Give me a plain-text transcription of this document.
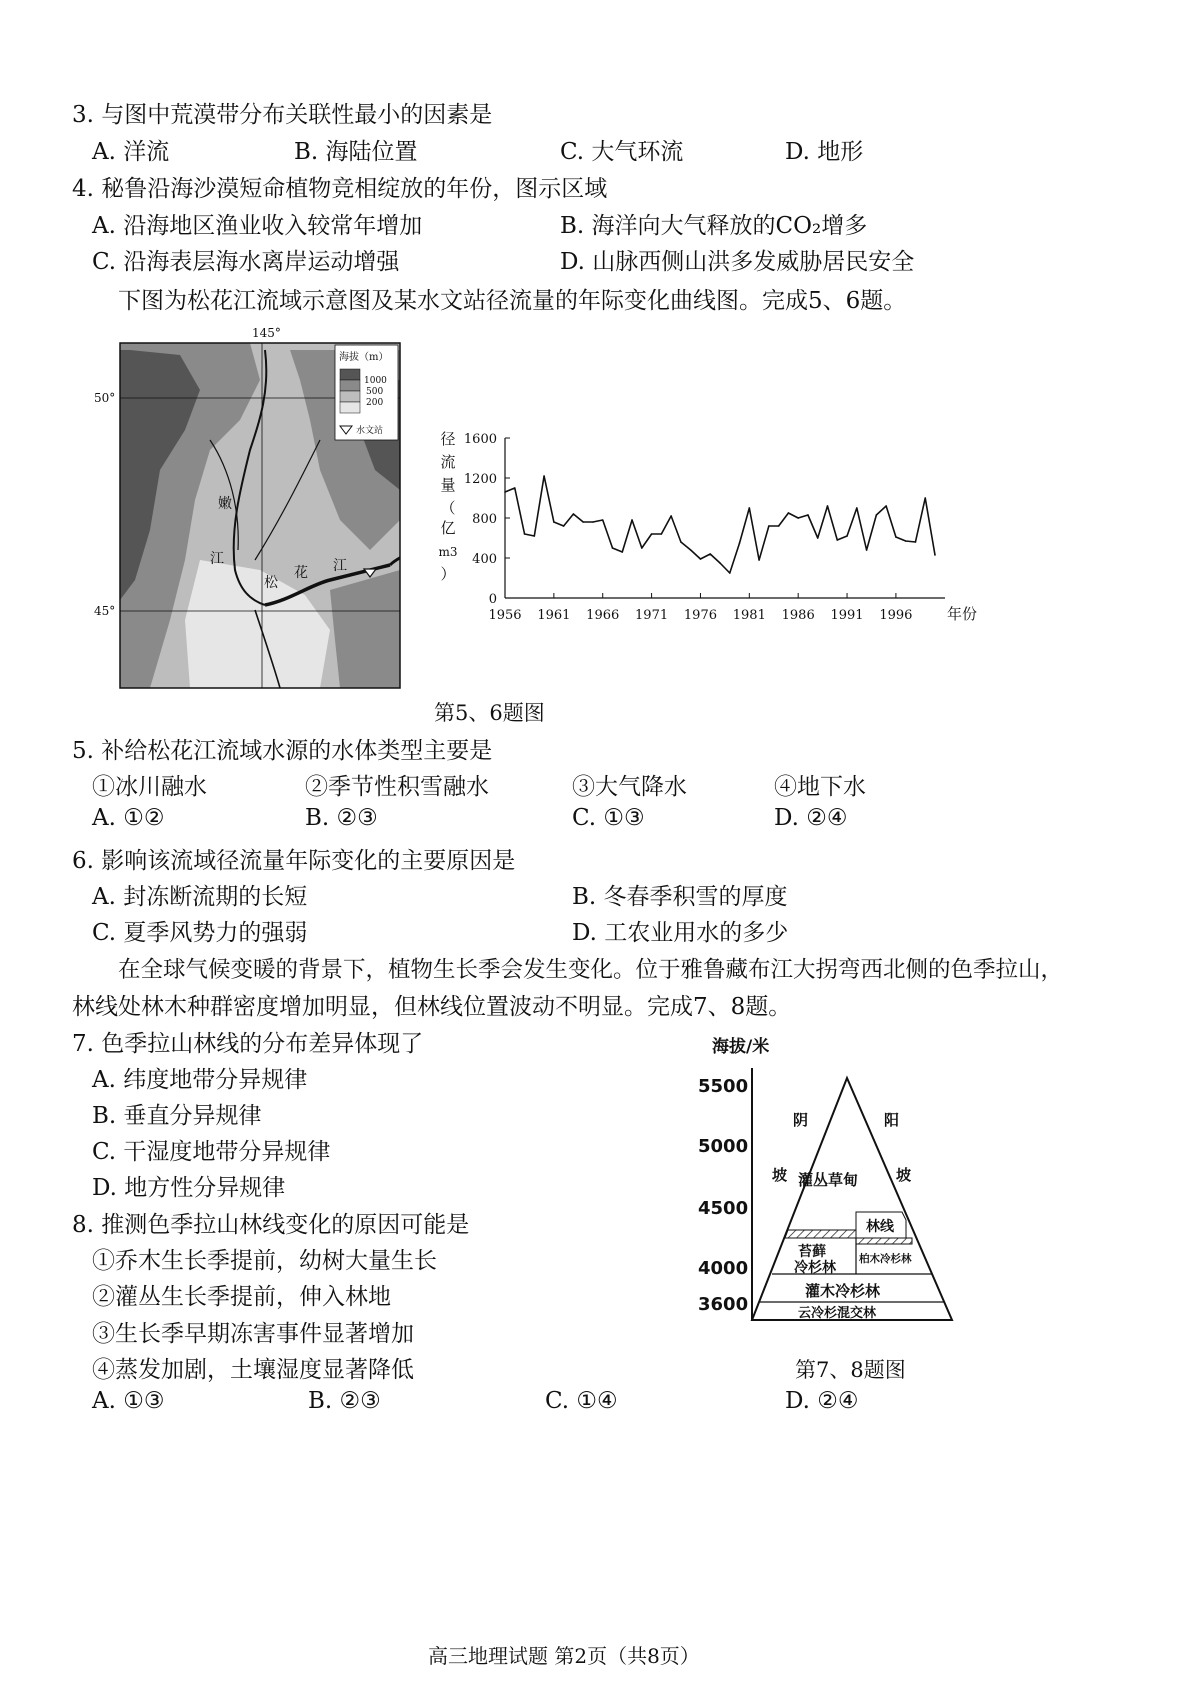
3. 与图中荒漠带分布关联性最小的因素是
A. 洋流	B. 海陆位置	C. 大气环流	D. 地形
4. 秘鲁沿海沙漠短命植物竞相绽放的年份，图示区域
A. 沿海地区渔业收入较常年增加	B. 海洋向大气释放的CO₂增多
C. 沿海表层海水离岸运动增强	D. 山脉西侧山洪多发威胁居民安全
下图为松花江流域示意图及某水文站径流量的年际变化曲线图。完成5、6题。
145°
50°
45°
海拔（m）
1000
500
200
水文站
嫩
江
松
花 江
0
400
800
1200
1600
1956 1961 1966 1971 1976 1981 1986 1991 1996 年份
径流量（亿 m3 ）
第5、6题图
5. 补给松花江流域水源的水体类型主要是
①冰川融水	②季节性积雪融水	③大气降水	④地下水
A. ①②	B. ②③	C. ①③	D. ②④
6. 影响该流域径流量年际变化的主要原因是
A. 封冻断流期的长短	B. 冬春季积雪的厚度
C. 夏季风势力的强弱	D. 工农业用水的多少
在全球气候变暖的背景下，植物生长季会发生变化。位于雅鲁藏布江大拐弯西北侧的色季拉山，
林线处林木种群密度增加明显，但林线位置波动不明显。完成7、8题。
7. 色季拉山林线的分布差异体现了
A. 纬度地带分异规律
B. 垂直分异规律
C. 干湿度地带分异规律
D. 地方性分异规律
8. 推测色季拉山林线变化的原因可能是
①乔木生长季提前，幼树大量生长
②灌丛生长季提前，伸入林地
③生长季早期冻害事件显著增加
④蒸发加剧，土壤湿度显著降低
A. ①③	B. ②③	C. ①④	D. ②④
海拔/米
5500
5000
4500
4000
3600
林线
柏木冷杉林
灌丛草甸
苔藓
冷杉林
灌木冷杉林
云冷杉混交林
阴
坡
阳
坡
第7、8题图
高三地理试题 第2页（共8页）
